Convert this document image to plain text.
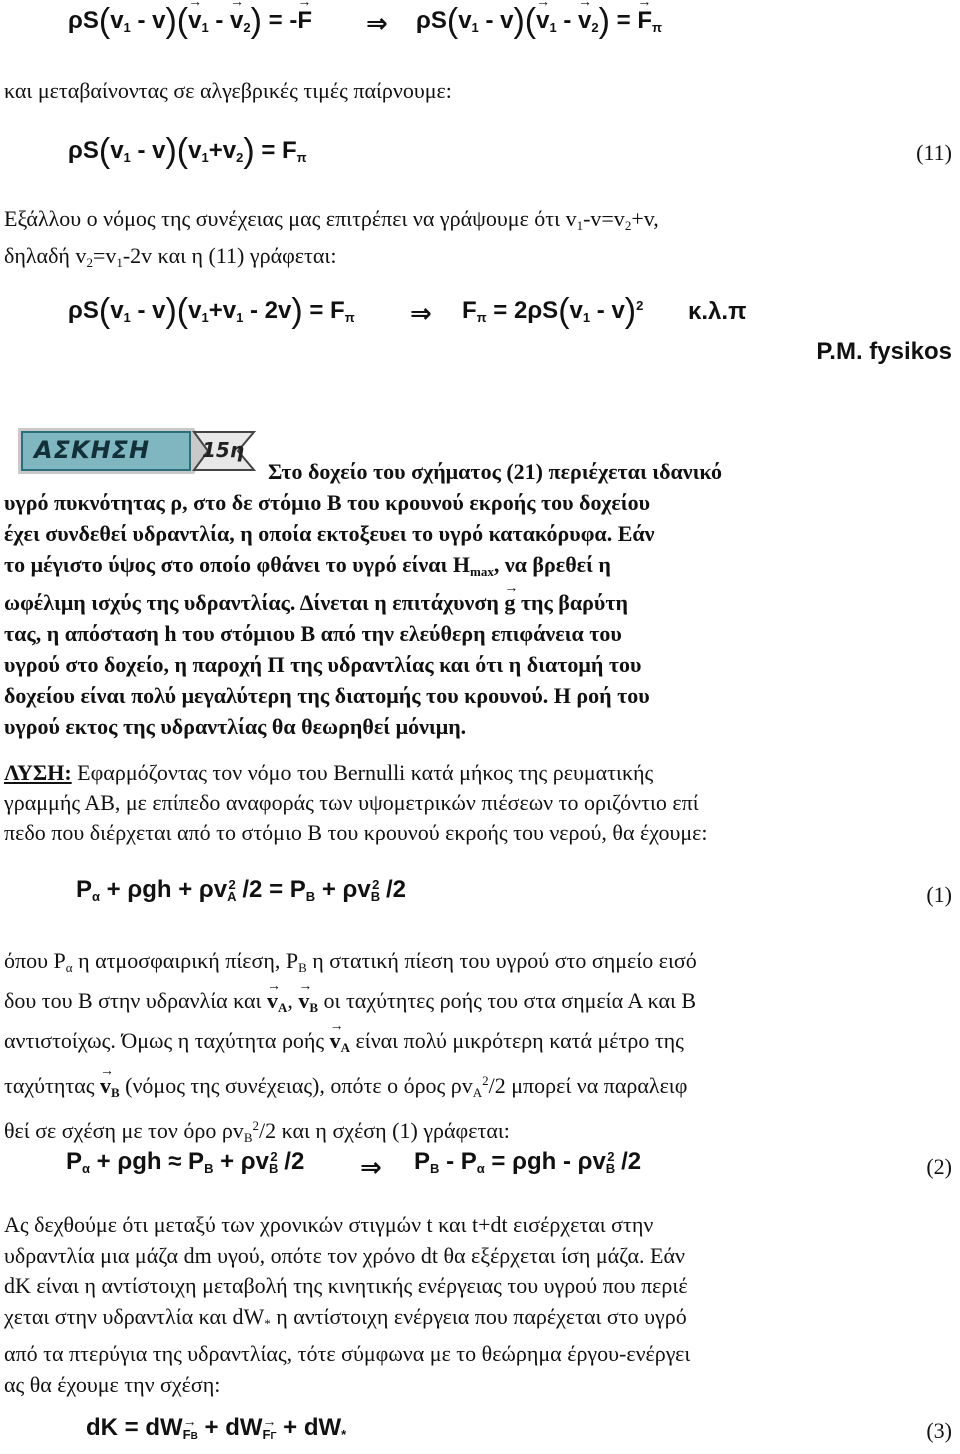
$\rho S(v_1 - v)(\to v_1$ - → $v_2$) = -→ F ⇒ $\rho S(v_1 - v)(\to v_1$ - → $v_2$) = → $F_\pi$
και μεταβαίνοντας σε αλγεβρικές τιμές παίρνουμε:
$\rho S(v_1 - v)(v_1+v_2) = F_\pi$	(11)
Εξάλλου ο νόμος της συνέχειας μας επιτρέπει να γράψουμε ότι $v_1-v=v_2+v$,
δηλαδή $v_2=v_1-2v$ και η (11) γράφεται:
$\rho S(v_1 - v)(v_1+v_1 - 2v) = F_\pi$ ⇒ $F_\pi = 2\rho S(v_1 - v)^2$ κ.λ.π
P.M. fysikos
ΑΣΚΗΣΗ	15η
Στο δοχείο του σχήματος (21) περιέχεται ιδανικό
υγρό πυκνότητας ρ, στο δε στόμιο Β του κρουνού εκροής του δοχείου
έχει συνδεθεί υδραντλία, η οποία εκτοξευει το υγρό κατακόρυφα. Εάν
το μέγιστο ύψος στο οποίο φθάνει το υγρό είναι $H_{max}$, να βρεθεί η
ωφέλιμη ισχύς της υδραντλίας. Δίνεται η επιτάχυνση → g της βαρύτη
τας, η απόσταση h του στόμιου Β από την ελεύθερη επιφάνεια του
υγρού στο δοχείο, η παροχή Π της υδραντλίας και ότι η διατομή του
δοχείου είναι πολύ μεγαλύτερη της διατομής του κρουνού. Η ροή του
υγρού εκτος της υδραντλίας θα θεωρηθεί μόνιμη.
ΛΥΣΗ: Εφαρμόζοντας τον νόμο του Bernulli κατά μήκος της ρευματικής
γραμμής ΑΒ, με επίπεδο αναφοράς των υψομετρικών πιέσεων το οριζόντιο επί
πεδο που διέρχεται από το στόμιο Β του κρουνού εκροής του νερού, θα έχουμε:
$P_\alpha + \rho gh + \rho v_A^2$ $/2 = P_B + \rho v_B^2$ /2	(1)
όπου $P_\alpha$ η ατμοσφαιρική πίεση, $P_B$ η στατική πίεση του υγρού στο σημείο εισό
δου του Β στην υδρανλία $\kappa\alpha\iota \to v_A$, → $v_B$ οι ταχύτητες ροής του στα σημεία Α και Β
αντιστοίχως. Όμως η ταχύτητα $\rho oή\varsigma \to v_A$ είναι πολύ μικρότερη κατά μέτρο της
$\tau\alpha\chi ύ\tau\eta\tau\alpha\varsigma \to v_B$ (νόμος της συνέχειας), οπότε ο όρος $\rho v_A^2/2$ μπορεί να παραλειφ
θεί σε σχέση με τον όρο $\rho v_B^2/2$ και η σχέση (1) γράφεται:
$P_\alpha + \rho gh \approx P_B + \rho v_B^2$ /2 ⇒ $P_B - P_\alpha = \rho gh - \rho v_B^2$ /2	(2)
Ας δεχθούμε ότι μεταξύ των χρονικών στιγμών t και t+dt εισέρχεται στην
υδραντλία μια μάζα dm υγού, οπότε τον χρόνο dt θα εξέρχεται ίση μάζα. Εάν
dK είναι η αντίστοιχη μεταβολή της κινητικής ενέργειας του υγρού που περιέ
χεται στην υδραντλία και $dW_*$ η αντίστοιχη ενέργεια που παρέχεται στο υγρό
από τα πτερύγια της υδραντλίας, τότε σύμφωνα με το θεώρημα έργου-ενέργει
ας θα έχουμε την σχέση:
dK = $dW\to _{FB} + dW\to _{F\Gamma} + dW_*$	(3)
